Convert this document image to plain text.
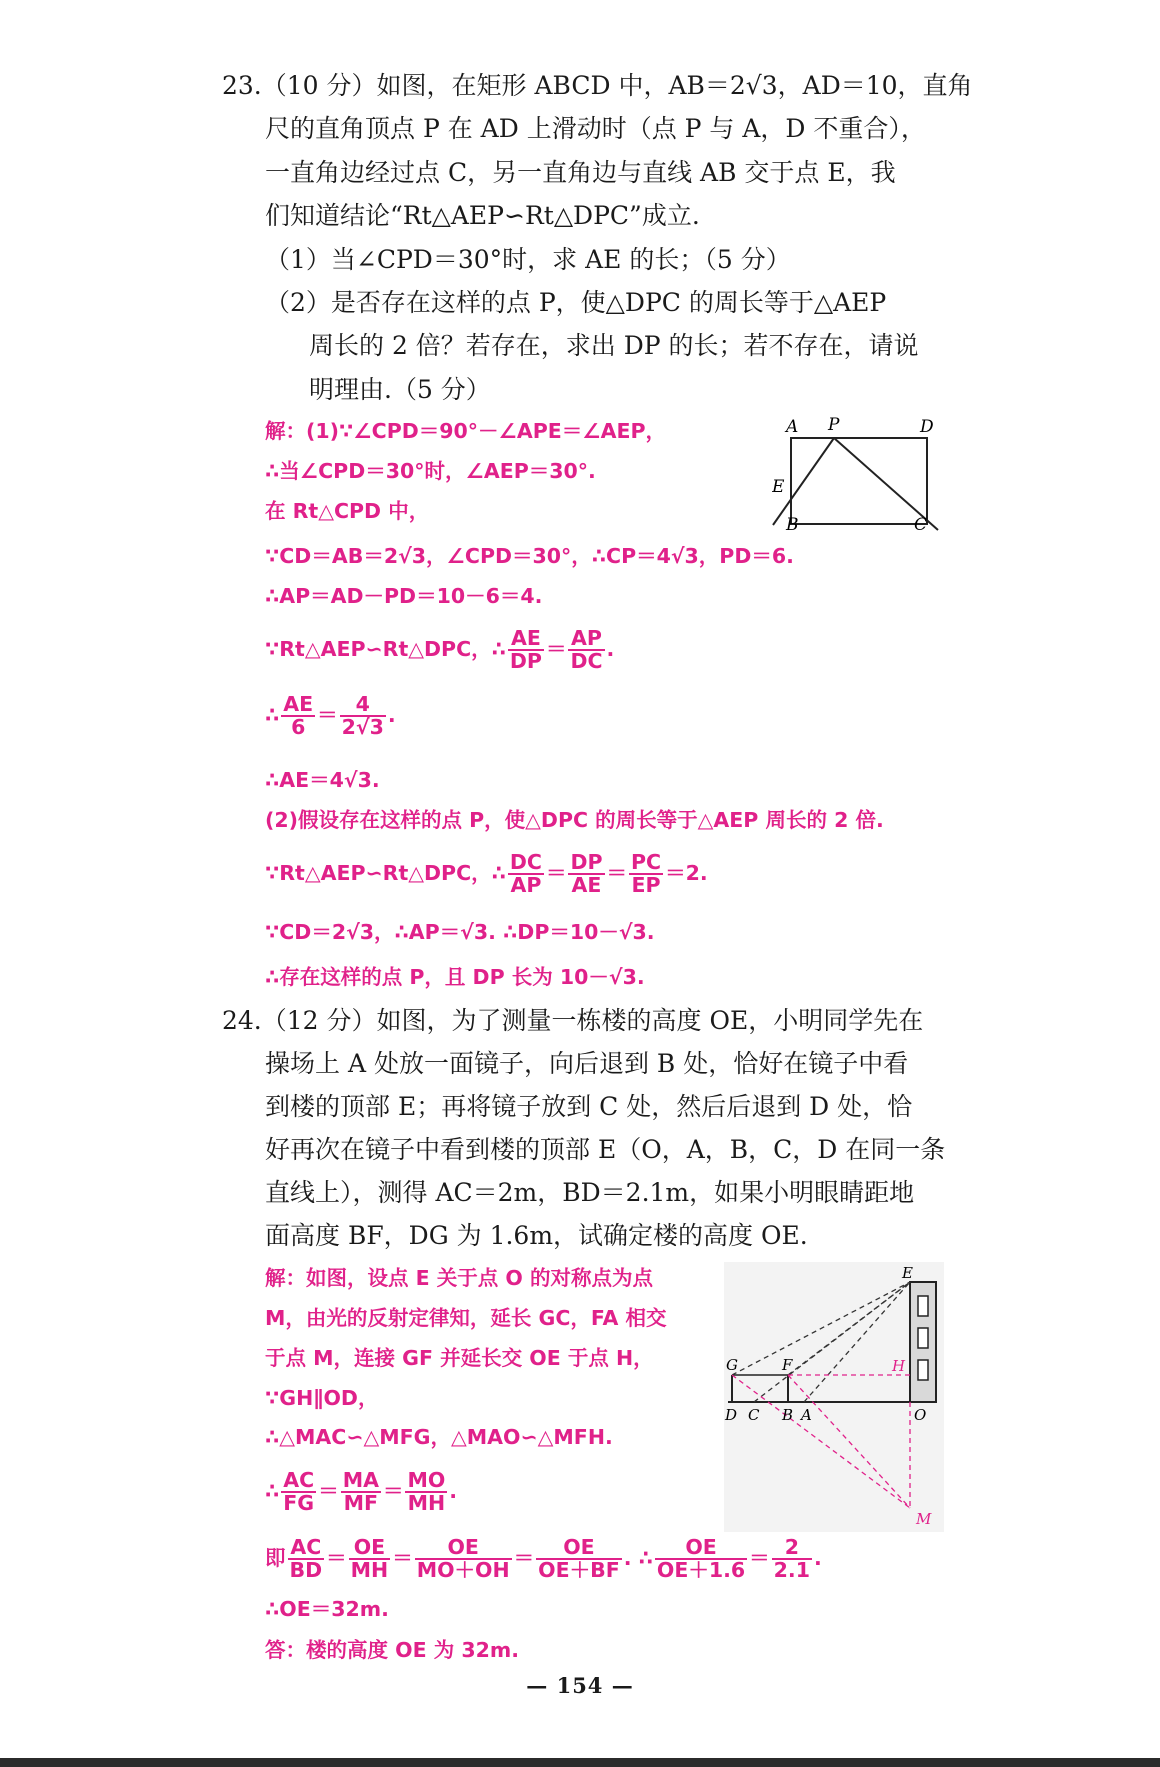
23.（10 分）如图，在矩形 ABCD 中，AB＝2√3，AD＝10，直角
尺的直角顶点 P 在 AD 上滑动时（点 P 与 A，D 不重合），
一直角边经过点 C，另一直角边与直线 AB 交于点 E，我
们知道结论“Rt△AEP∽Rt△DPC”成立.
（1）当∠CPD＝30°时，求 AE 的长；（5 分）
（2）是否存在这样的点 P，使△DPC 的周长等于△AEP
周长的 2 倍？若存在，求出 DP 的长；若不存在，请说
明理由.（5 分）
解：(1)∵∠CPD＝90°－∠APE＝∠AEP，
∴当∠CPD＝30°时，∠AEP＝30°.
在 Rt△CPD 中，
∵CD＝AB＝2√3，∠CPD＝30°，∴CP＝4√3，PD＝6.
∴AP＝AD－PD＝10－6＝4.
∵Rt△AEP∽Rt△DPC，∴ $\frac{AE}{DP} = \frac{AP}{DC}$ .
∴ $\frac{AE}{6} = \frac{4}{2√3}$ .
∴AE＝4√3.
(2)假设存在这样的点 P，使△DPC 的周长等于△AEP 周长的 2 倍.
∵Rt△AEP∽Rt△DPC，∴ $\frac{DC}{AP} = \frac{DP}{AE} = \frac{PC}{EP} =2$.
∵CD＝2√3，∴AP＝√3. ∴DP＝10－√3.
∴存在这样的点 P，且 DP 长为 10－√3.
A P	D
E
B	C
24.（12 分）如图，为了测量一栋楼的高度 OE，小明同学先在
操场上 A 处放一面镜子，向后退到 B 处，恰好在镜子中看
到楼的顶部 E；再将镜子放到 C 处，然后后退到 D 处，恰
好再次在镜子中看到楼的顶部 E（O，A，B，C，D 在同一条
直线上），测得 AC＝2m，BD＝2.1m，如果小明眼睛距地
面高度 BF，DG 为 1.6m，试确定楼的高度 OE.
解：如图，设点 E 关于点 O 的对称点为点
M，由光的反射定律知，延长 GC，FA 相交
于点 M，连接 GF 并延长交 OE 于点 H，
∵GH∥OD，
∴△MAC∽△MFG，△MAO∽△MFH.
∴ $\frac{AC}{FG} = \frac{MA}{MF} = \frac{MO}{MH}$ .
即 $\frac{AC}{BD} = \frac{OE}{MH} = \frac{OE}{MO+OH} = \frac{OE}{OE+BF}$ . ∴ $\frac{OE}{OE+1.6} = \frac{2}{2.1}$ .
∴OE＝32m.
答：楼的高度 OE 为 32m.
E
G	F	H
D C B A	O
M
— 154 —
